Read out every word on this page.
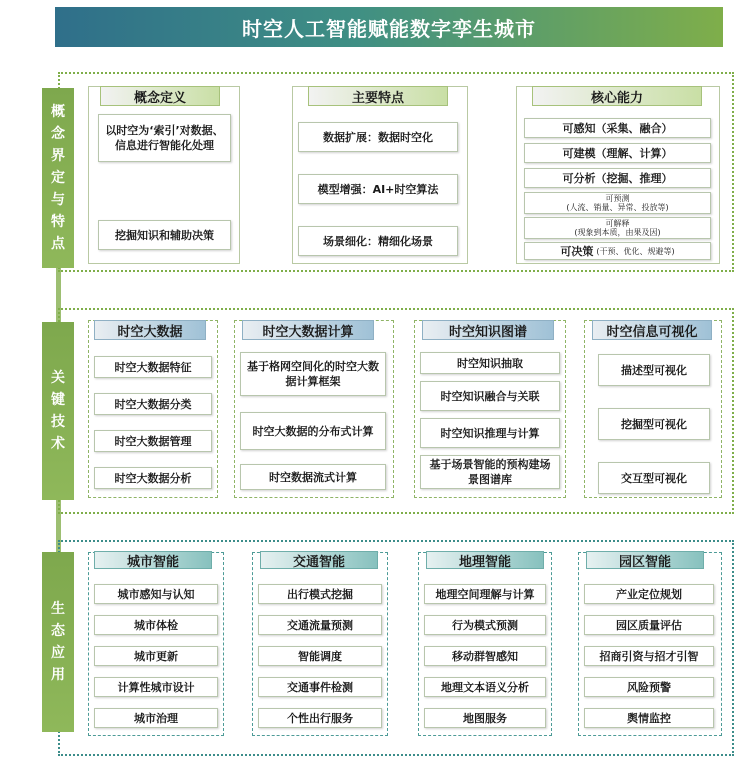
时空人工智能赋能数字孪生城市
概念界定与特点
概念定义
以时空为‘索引’对数据、信息进行智能化处理
挖掘知识和辅助决策
主要特点
数据扩展：数据时空化
模型增强：AI+时空算法
场景细化：精细化场景
核心能力
可感知（采集、融合）
可建模（理解、计算）
可分析（挖掘、推理）
可预测
(人流、销量、异常、投放等)
可解释
(现象到本质，由果及因)
可决策 (干预、优化、规避等)
关键技术
时空大数据
时空大数据特征
时空大数据分类
时空大数据管理
时空大数据分析
时空大数据计算
基于格网空间化的时空大数据计算框架
时空大数据的分布式计算
时空数据流式计算
时空知识图谱
时空知识抽取
时空知识融合与关联
时空知识推理与计算
基于场景智能的预构建场景图谱库
时空信息可视化
描述型可视化
挖掘型可视化
交互型可视化
生态应用
城市智能
城市感知与认知
城市体检
城市更新
计算性城市设计
城市治理
交通智能
出行模式挖掘
交通流量预测
智能调度
交通事件检测
个性出行服务
地理智能
地理空间理解与计算
行为模式预测
移动群智感知
地理文本语义分析
地图服务
园区智能
产业定位规划
园区质量评估
招商引资与招才引智
风险预警
舆情监控
